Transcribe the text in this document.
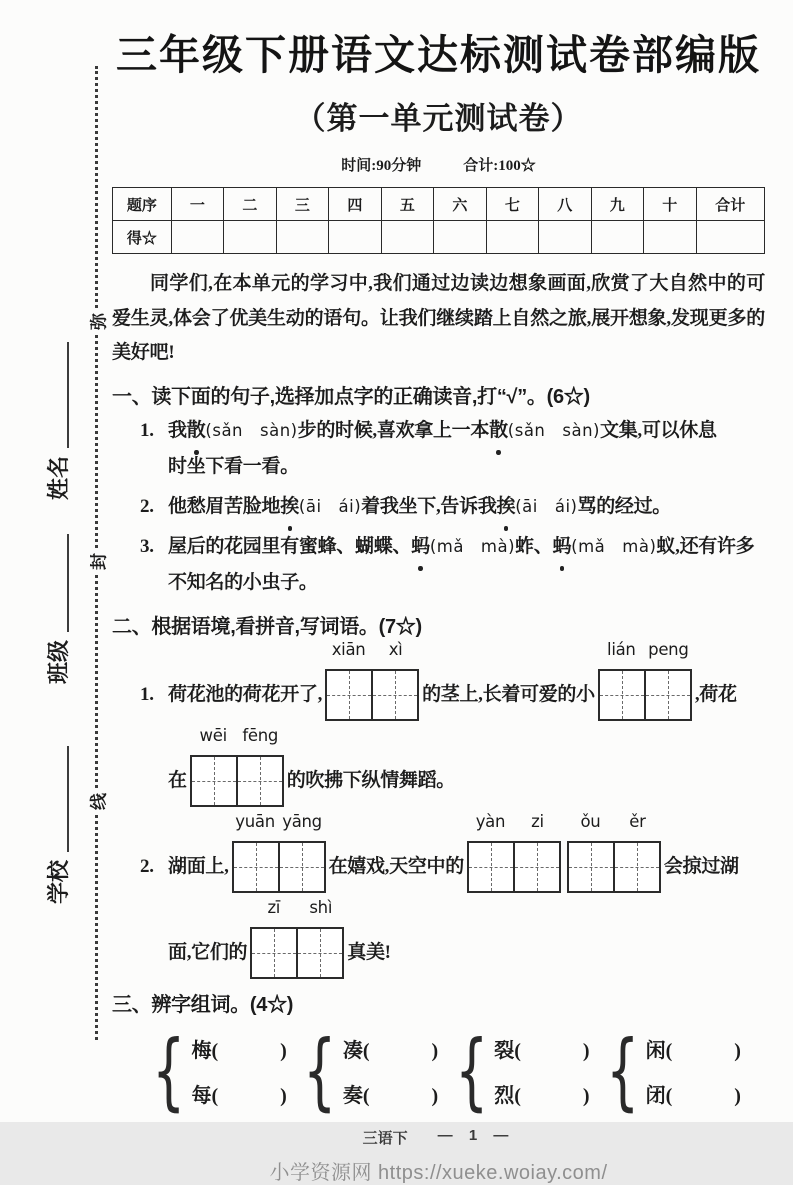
弥
封
线
姓名
班级
学校
三年级下册语文达标测试卷部编版
（第一单元测试卷）
时间:90分钟	合计:100☆
题序	一	二	三	四	五	六	七	八	九	十	合计
得☆											

同学们,在本单元的学习中,我们通过边读边想象画面,欣赏了大自然中的可爱生灵,体会了优美生动的语句。让我们继续踏上自然之旅,展开想象,发现更多的美好吧!

一、读下面的句子,选择加点字的正确读音,打“√”。(6☆)
1. 我散(sǎn　sàn)步的时候,喜欢拿上一本散(sǎn　sàn)文集,可以休息
时坐下看一看。
2. 他愁眉苦脸地挨(āi　ái)着我坐下,告诉我挨(āi　ái)骂的经过。
3. 屋后的花园里有蜜蜂、蝴蝶、蚂(mǎ　mà)蚱、蚂(mǎ　mà)蚁,还有许多
不知名的小虫子。
二、根据语境,看拼音,写词语。(7☆)
1. 荷花池的荷花开了,
xiān	xì
的茎上,长着可爱的小
lián peng
,荷花
在
wēi fēng
的吹拂下纵情舞蹈。
2. 湖面上,
yuān yāng
在嬉戏,天空中的
yàn	zi	ǒu	ěr
会掠过湖
面,它们的
zī	shì
真美!
三、辨字组词。(4☆)
{ 梅(	)
每(	) { 凑(	)
奏(	) { 裂(	)
烈(	) { 闲(	)
闭(	)
三语下 — 1 —
小学资源网 https://xueke.woiay.com/
